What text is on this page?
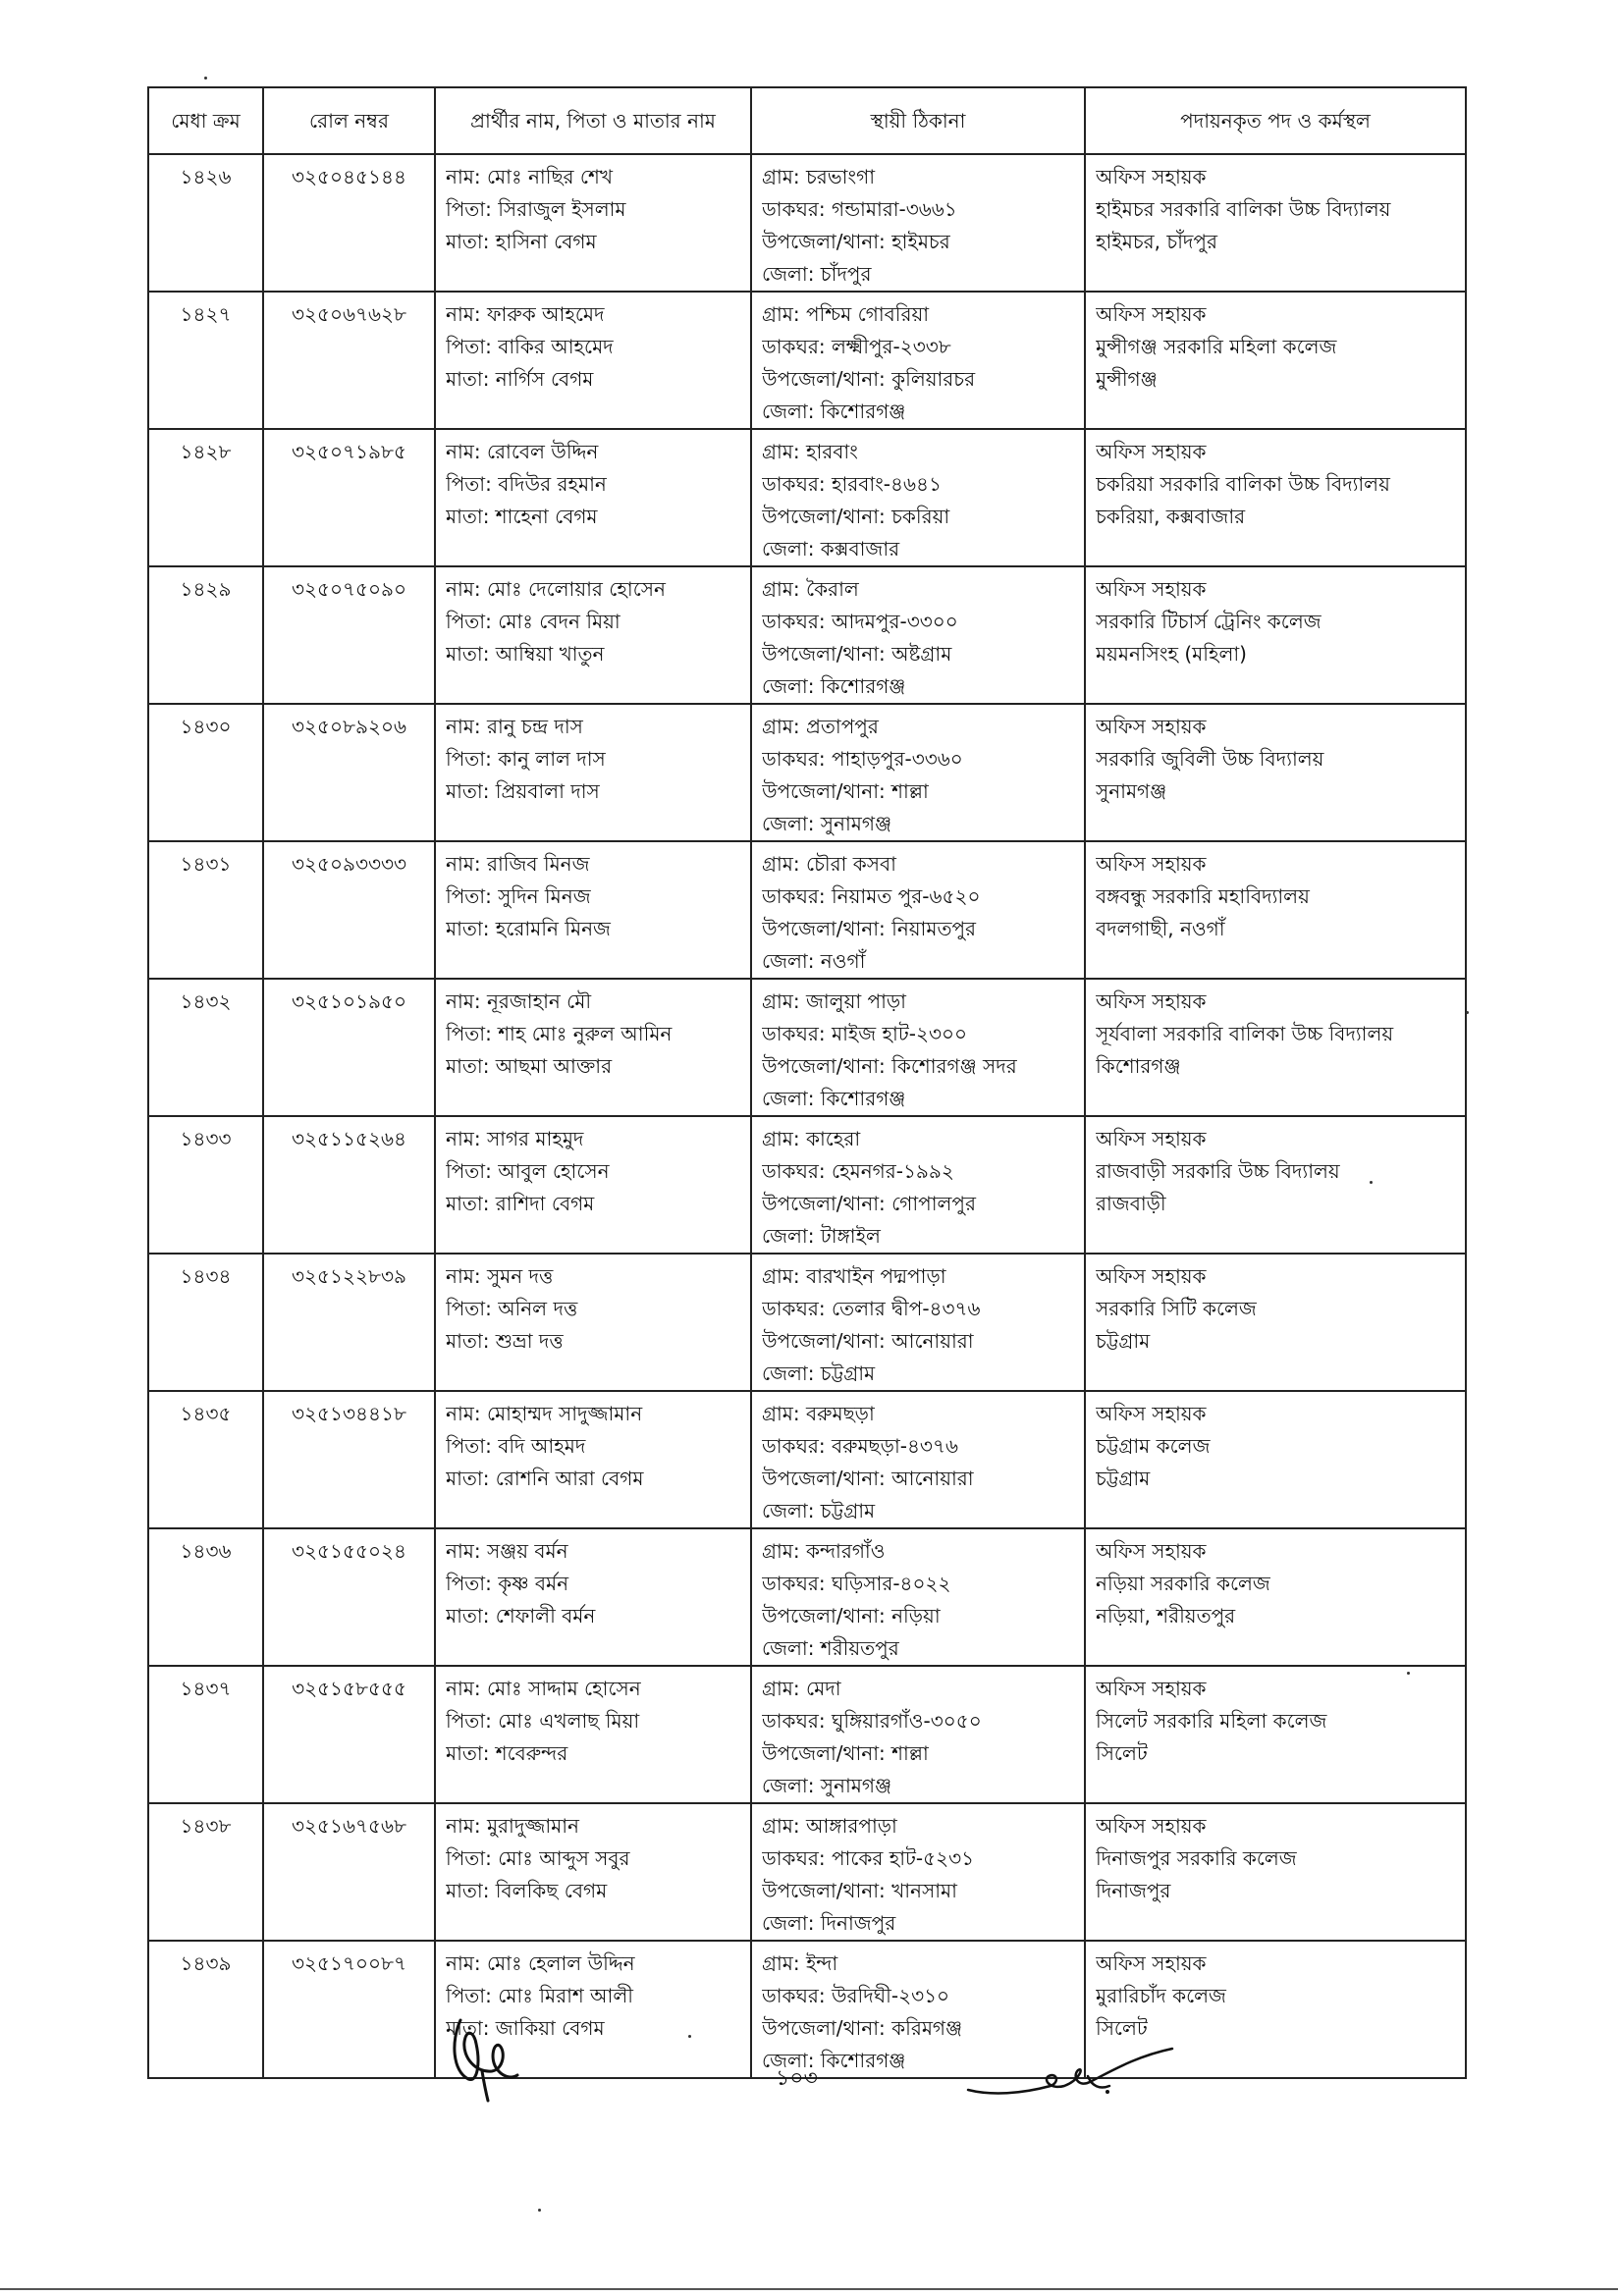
মেধা ক্রম	রোল নম্বর	প্রার্থীর নাম, পিতা ও মাতার নাম	স্থায়ী ঠিকানা	পদায়নকৃত পদ ও কর্মস্থল

১৪২৬	৩২৫০৪৫১৪৪	নাম: মোঃ নাছির শেখ
পিতা: সিরাজুল ইসলাম
মাতা: হাসিনা বেগম	গ্রাম: চরভাংগা
ডাকঘর: গন্ডামারা-৩৬৬১
উপজেলা/থানা: হাইমচর
জেলা: চাঁদপুর	অফিস সহায়ক
হাইমচর সরকারি বালিকা উচ্চ বিদ্যালয়
হাইমচর, চাঁদপুর

১৪২৭	৩২৫০৬৭৬২৮	নাম: ফারুক আহমেদ
পিতা: বাকির আহমেদ
মাতা: নার্গিস বেগম	গ্রাম: পশ্চিম গোবরিয়া
ডাকঘর: লক্ষ্মীপুর-২৩৩৮
উপজেলা/থানা: কুলিয়ারচর
জেলা: কিশোরগঞ্জ	অফিস সহায়ক
মুন্সীগঞ্জ সরকারি মহিলা কলেজ
মুন্সীগঞ্জ

১৪২৮	৩২৫০৭১৯৮৫	নাম: রোবেল উদ্দিন
পিতা: বদিউর রহমান
মাতা: শাহেনা বেগম	গ্রাম: হারবাং
ডাকঘর: হারবাং-৪৬৪১
উপজেলা/থানা: চকরিয়া
জেলা: কক্সবাজার	অফিস সহায়ক
চকরিয়া সরকারি বালিকা উচ্চ বিদ্যালয়
চকরিয়া, কক্সবাজার

১৪২৯	৩২৫০৭৫০৯০	নাম: মোঃ দেলোয়ার হোসেন
পিতা: মোঃ বেদন মিয়া
মাতা: আম্বিয়া খাতুন	গ্রাম: কৈরাল
ডাকঘর: আদমপুর-৩৩০০
উপজেলা/থানা: অষ্টগ্রাম
জেলা: কিশোরগঞ্জ	অফিস সহায়ক
সরকারি টিচার্স ট্রেনিং কলেজ
ময়মনসিংহ (মহিলা)

১৪৩০	৩২৫০৮৯২০৬	নাম: রানু চন্দ্র দাস
পিতা: কানু লাল দাস
মাতা: প্রিয়বালা দাস	গ্রাম: প্রতাপপুর
ডাকঘর: পাহাড়পুর-৩৩৬০
উপজেলা/থানা: শাল্লা
জেলা: সুনামগঞ্জ	অফিস সহায়ক
সরকারি জুবিলী উচ্চ বিদ্যালয়
সুনামগঞ্জ

১৪৩১	৩২৫০৯৩৩৩৩	নাম: রাজিব মিনজ
পিতা: সুদিন মিনজ
মাতা: হরোমনি মিনজ	গ্রাম: চৌরা কসবা
ডাকঘর: নিয়ামত পুর-৬৫২০
উপজেলা/থানা: নিয়ামতপুর
জেলা: নওগাঁ	অফিস সহায়ক
বঙ্গবন্ধু সরকারি মহাবিদ্যালয়
বদলগাছী, নওগাঁ

১৪৩২	৩২৫১০১৯৫০	নাম: নূরজাহান মৌ
পিতা: শাহ মোঃ নুরুল আমিন
মাতা: আছমা আক্তার	গ্রাম: জালুয়া পাড়া
ডাকঘর: মাইজ হাট-২৩০০
উপজেলা/থানা: কিশোরগঞ্জ সদর
জেলা: কিশোরগঞ্জ	অফিস সহায়ক
সূর্যবালা সরকারি বালিকা উচ্চ বিদ্যালয়
কিশোরগঞ্জ

১৪৩৩	৩২৫১১৫২৬৪	নাম: সাগর মাহমুদ
পিতা: আবুল হোসেন
মাতা: রাশিদা বেগম	গ্রাম: কাহেরা
ডাকঘর: হেমনগর-১৯৯২
উপজেলা/থানা: গোপালপুর
জেলা: টাঙ্গাইল	অফিস সহায়ক
রাজবাড়ী সরকারি উচ্চ বিদ্যালয়
রাজবাড়ী

১৪৩৪	৩২৫১২২৮৩৯	নাম: সুমন দত্ত
পিতা: অনিল দত্ত
মাতা: শুভ্রা দত্ত	গ্রাম: বারখাইন পদ্মপাড়া
ডাকঘর: তেলার দ্বীপ-৪৩৭৬
উপজেলা/থানা: আনোয়ারা
জেলা: চট্টগ্রাম	অফিস সহায়ক
সরকারি সিটি কলেজ
চট্টগ্রাম

১৪৩৫	৩২৫১৩৪৪১৮	নাম: মোহাম্মদ সাদুজ্জামান
পিতা: বদি আহমদ
মাতা: রোশনি আরা বেগম	গ্রাম: বরুমছড়া
ডাকঘর: বরুমছড়া-৪৩৭৬
উপজেলা/থানা: আনোয়ারা
জেলা: চট্টগ্রাম	অফিস সহায়ক
চট্টগ্রাম কলেজ
চট্টগ্রাম

১৪৩৬	৩২৫১৫৫০২৪	নাম: সঞ্জয় বর্মন
পিতা: কৃষ্ণ বর্মন
মাতা: শেফালী বর্মন	গ্রাম: কন্দারগাঁও
ডাকঘর: ঘড়িসার-৪০২২
উপজেলা/থানা: নড়িয়া
জেলা: শরীয়তপুর	অফিস সহায়ক
নড়িয়া সরকারি কলেজ
নড়িয়া, শরীয়তপুর

১৪৩৭	৩২৫১৫৮৫৫৫	নাম: মোঃ সাদ্দাম হোসেন
পিতা: মোঃ এখলাছ মিয়া
মাতা: শবেরুন্দর	গ্রাম: মেদা
ডাকঘর: ঘুঙ্গিয়ারগাঁও-৩০৫০
উপজেলা/থানা: শাল্লা
জেলা: সুনামগঞ্জ	অফিস সহায়ক
সিলেট সরকারি মহিলা কলেজ
সিলেট

১৪৩৮	৩২৫১৬৭৫৬৮	নাম: মুরাদুজ্জামান
পিতা: মোঃ আব্দুস সবুর
মাতা: বিলকিছ বেগম	গ্রাম: আঙ্গারপাড়া
ডাকঘর: পাকের হাট-৫২৩১
উপজেলা/থানা: খানসামা
জেলা: দিনাজপুর	অফিস সহায়ক
দিনাজপুর সরকারি কলেজ
দিনাজপুর

১৪৩৯	৩২৫১৭০০৮৭	নাম: মোঃ হেলাল উদ্দিন
পিতা: মোঃ মিরাশ আলী
মাতা: জাকিয়া বেগম	গ্রাম: ইন্দা
ডাকঘর: উরদিঘী-২৩১০
উপজেলা/থানা: করিমগঞ্জ
জেলা: কিশোরগঞ্জ	অফিস সহায়ক
মুরারিচাঁদ কলেজ
সিলেট
১০৩
